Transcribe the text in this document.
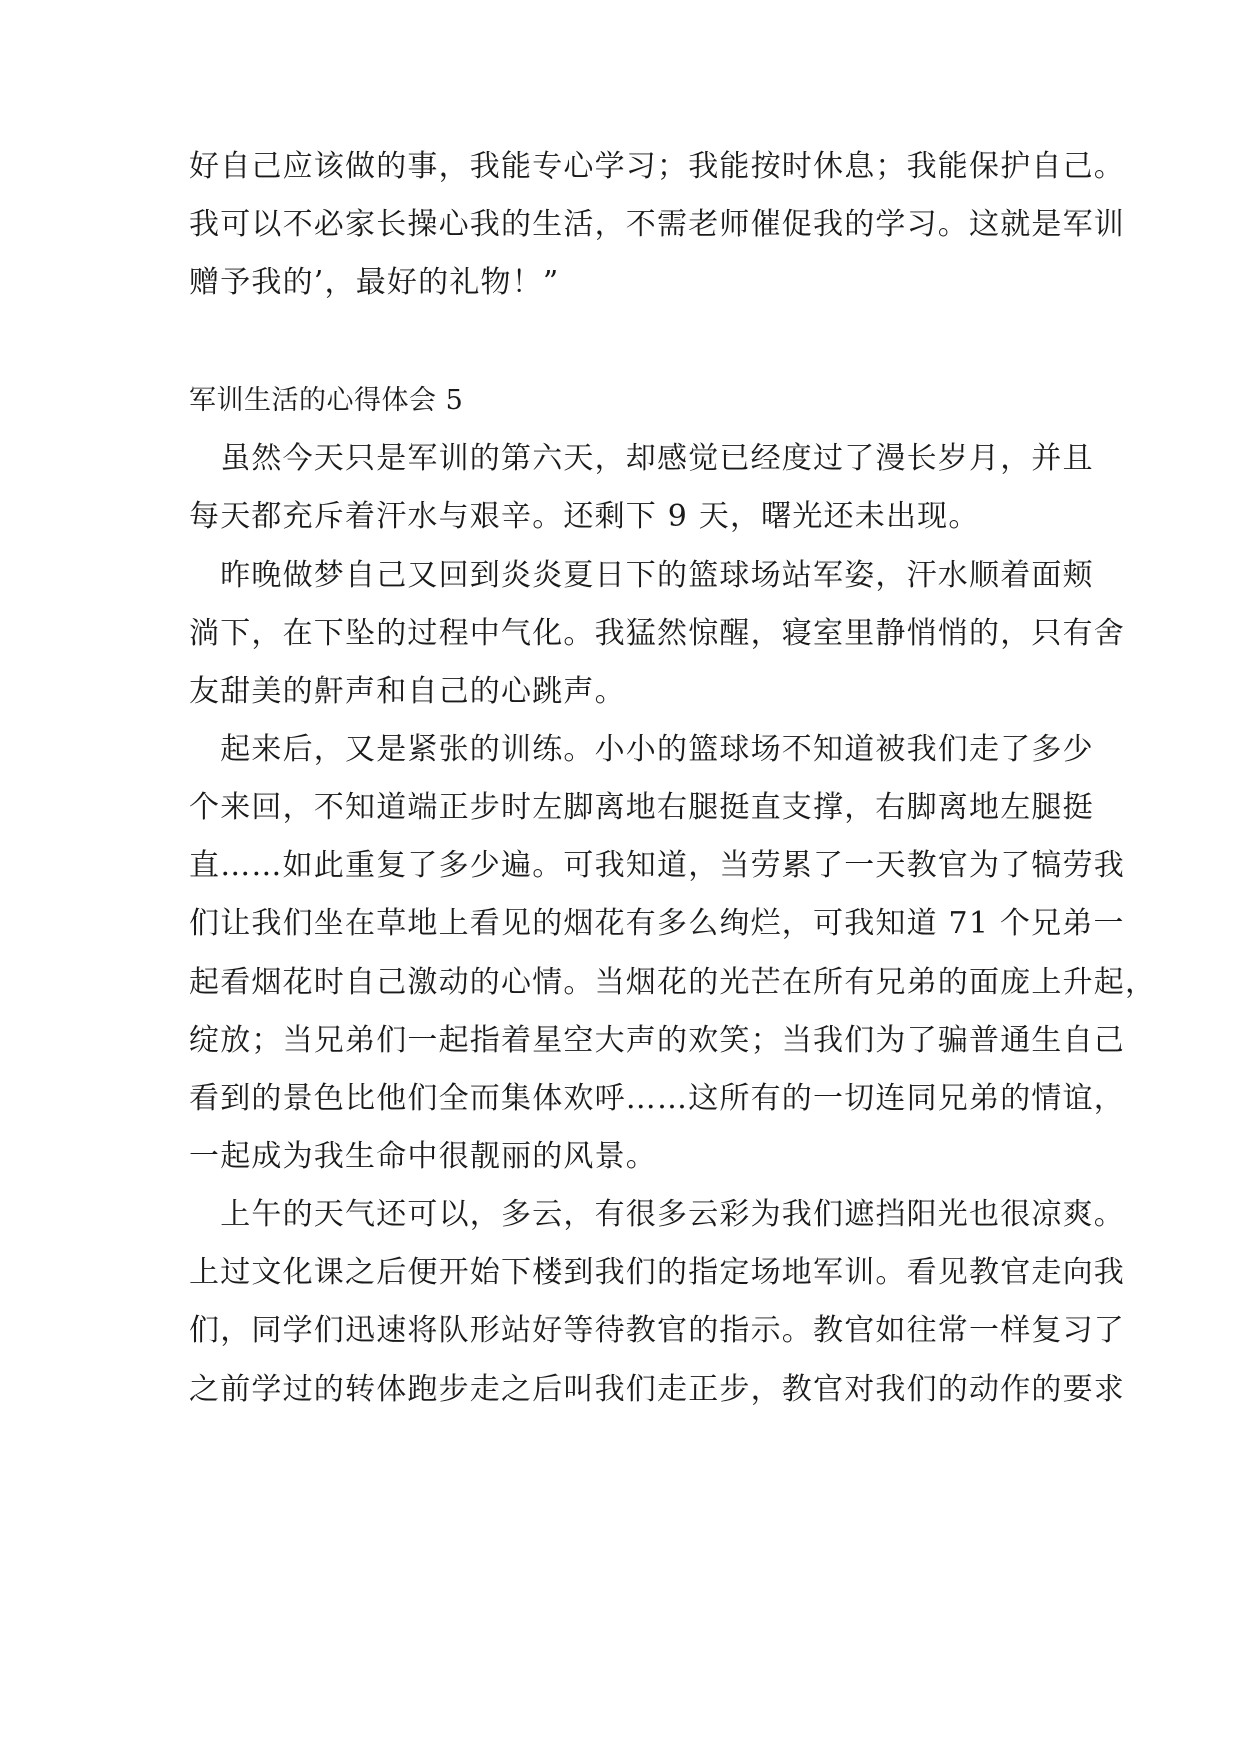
好自己应该做的事，我能专心学习；我能按时休息；我能保护自己。
我可以不必家长操心我的生活，不需老师催促我的学习。这就是军训
赠予我的’，最好的礼物！”
军训生活的心得体会 5
　虽然今天只是军训的第六天，却感觉已经度过了漫长岁月，并且
每天都充斥着汗水与艰辛。还剩下 9 天，曙光还未出现。
　昨晚做梦自己又回到炎炎夏日下的篮球场站军姿，汗水顺着面颊
淌下，在下坠的过程中气化。我猛然惊醒，寝室里静悄悄的，只有舍
友甜美的鼾声和自己的心跳声。
　起来后，又是紧张的训练。小小的篮球场不知道被我们走了多少
个来回，不知道端正步时左脚离地右腿挺直支撑，右脚离地左腿挺
直……如此重复了多少遍。可我知道，当劳累了一天教官为了犒劳我
们让我们坐在草地上看见的烟花有多么绚烂，可我知道 71 个兄弟一
起看烟花时自己激动的心情。当烟花的光芒在所有兄弟的面庞上升起，
绽放；当兄弟们一起指着星空大声的欢笑；当我们为了骗普通生自己
看到的景色比他们全而集体欢呼……这所有的一切连同兄弟的情谊，
一起成为我生命中很靓丽的风景。
　上午的天气还可以，多云，有很多云彩为我们遮挡阳光也很凉爽。
上过文化课之后便开始下楼到我们的指定场地军训。看见教官走向我
们，同学们迅速将队形站好等待教官的指示。教官如往常一样复习了
之前学过的转体跑步走之后叫我们走正步，教官对我们的动作的要求
